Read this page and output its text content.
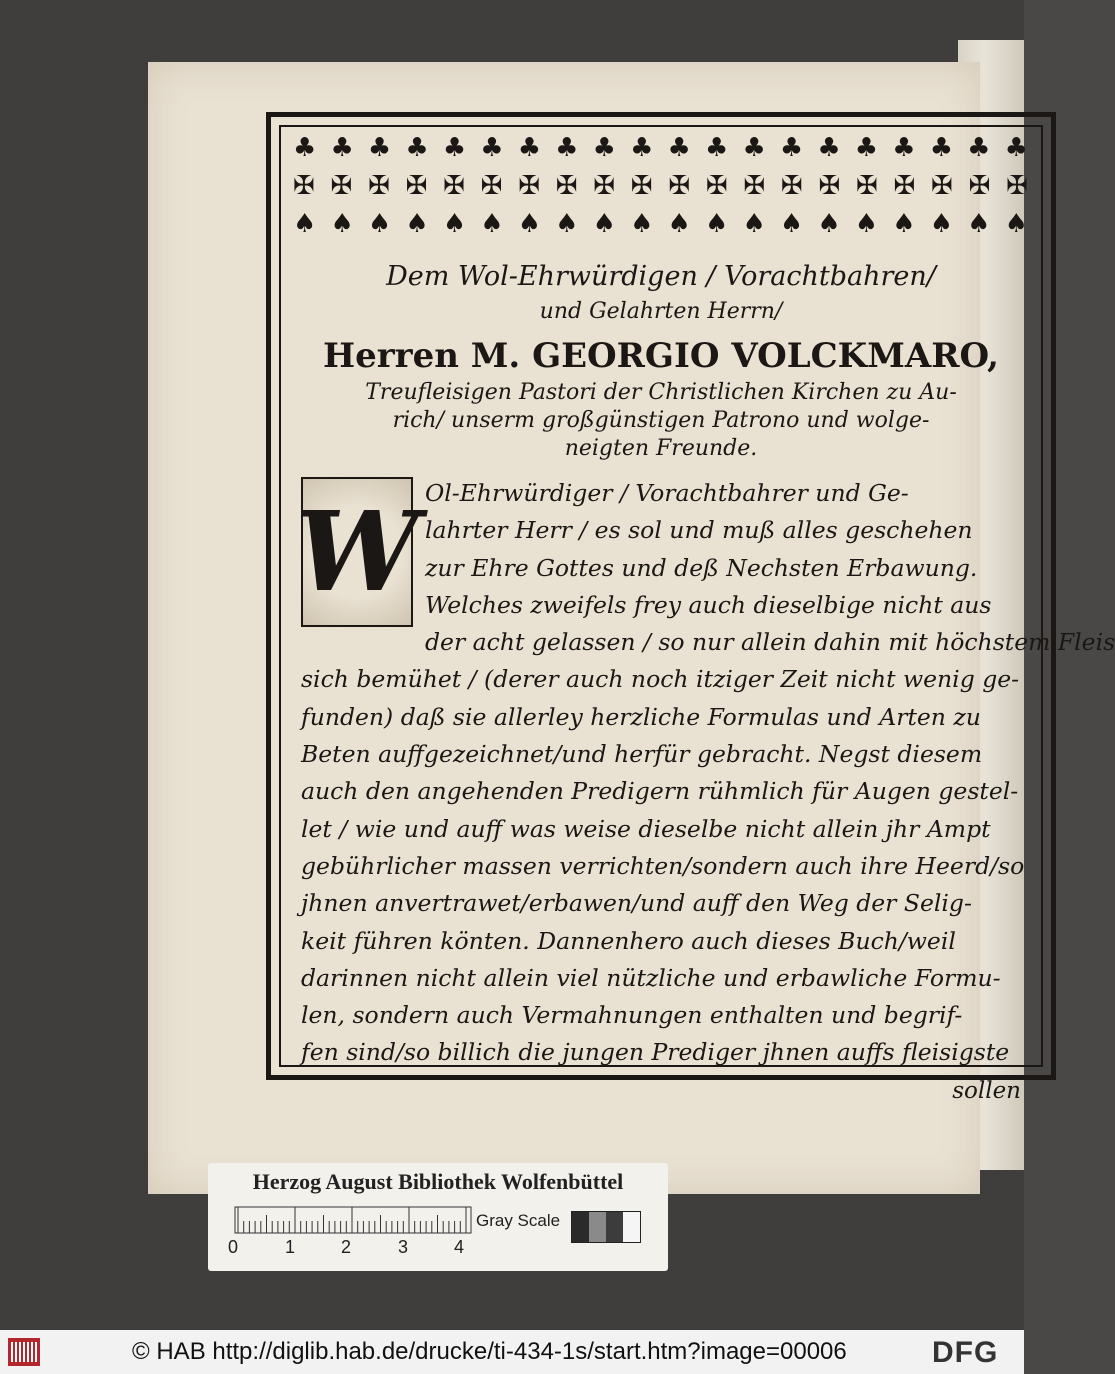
♣ ♣ ♣ ♣ ♣ ♣ ♣ ♣ ♣ ♣ ♣ ♣ ♣ ♣ ♣ ♣ ♣ ♣ ♣ ♣
✠ ✠ ✠ ✠ ✠ ✠ ✠ ✠ ✠ ✠ ✠ ✠ ✠ ✠ ✠ ✠ ✠ ✠ ✠ ✠
♠ ♠ ♠ ♠ ♠ ♠ ♠ ♠ ♠ ♠ ♠ ♠ ♠ ♠ ♠ ♠ ♠ ♠ ♠ ♠
Dem Wol-Ehrwürdigen / Vorachtbahren/
und Gelahrten Herrn/
Herren M. GEORGIO VOLCKMARO,
Treufleisigen Pastori der Christlichen Kirchen zu Au-
rich/ unserm großgünstigen Patrono und wolge-
neigten Freunde.
W Ol-Ehrwürdiger / Vorachtbahrer und Ge-
lahrter Herr / es sol und muß alles geschehen
zur Ehre Gottes und deß Nechsten Erbawung.
Welches zweifels frey auch dieselbige nicht aus
der acht gelassen / so nur allein dahin mit höchstem Fleis
sich bemühet / (derer auch noch itziger Zeit nicht wenig ge-
funden) daß sie allerley herzliche Formulas und Arten zu
Beten auffgezeichnet/und herfür gebracht. Negst diesem
auch den angehenden Predigern rühmlich für Augen gestel-
let / wie und auff was weise dieselbe nicht allein jhr Ampt
gebührlicher massen verrichten/sondern auch ihre Heerd/so
jhnen anvertrawet/erbawen/und auff den Weg der Selig-
keit führen könten. Dannenhero auch dieses Buch/weil
darinnen nicht allein viel nützliche und erbawliche Formu-
len, sondern auch Vermahnungen enthalten und begrif-
fen sind/so billich die jungen Prediger jhnen auffs fleisigste
sollen
Herzog August Bibliothek Wolfenbüttel
0	1	2	3	4
Gray Scale
© HAB http://diglib.hab.de/drucke/ti-434-1s/start.htm?image=00006	DFG
